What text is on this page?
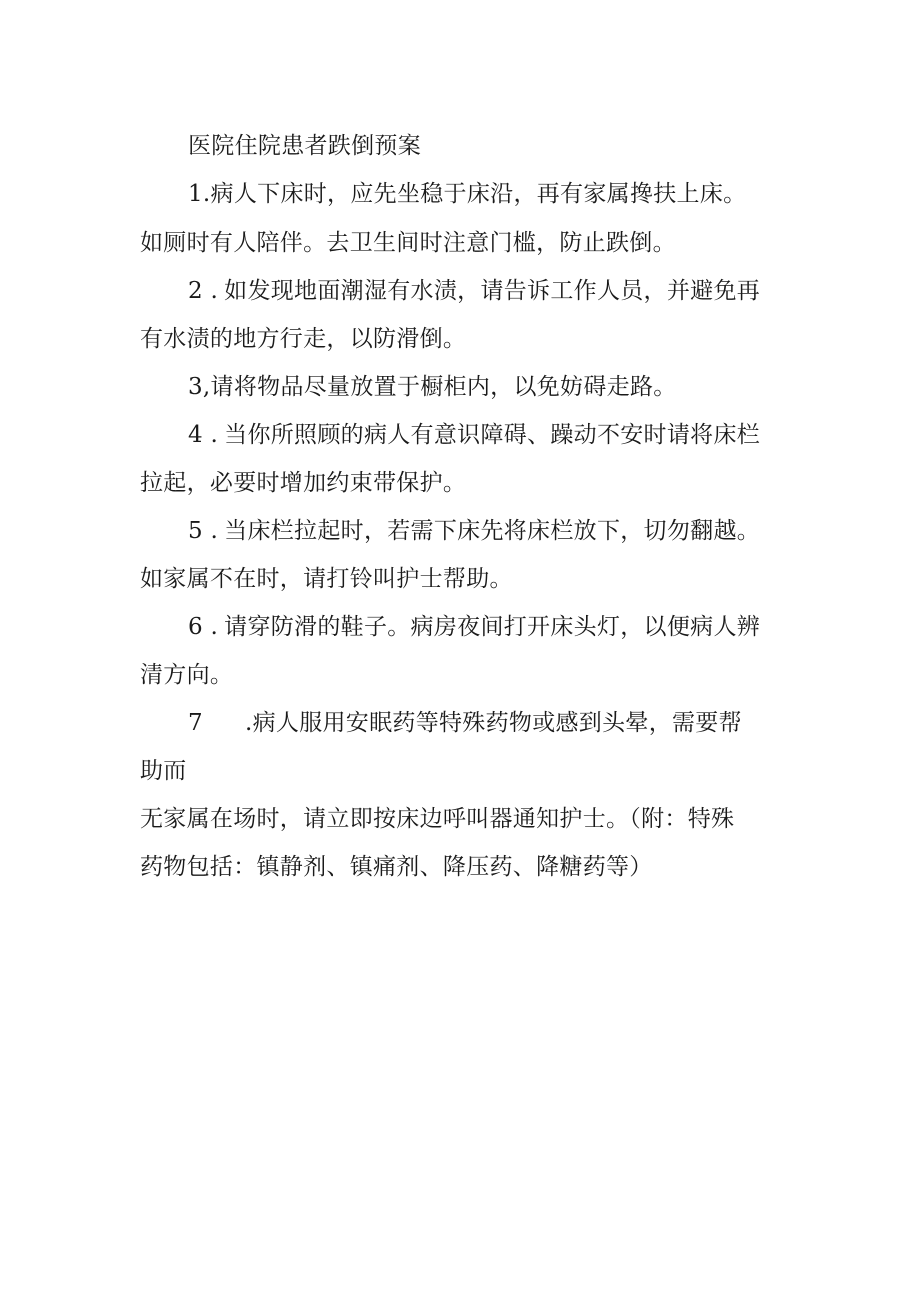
医院住院患者跌倒预案
1.病人下床时，应先坐稳于床沿，再有家属搀扶上床。
如厕时有人陪伴。去卫生间时注意门槛，防止跌倒。
2 . 如发现地面潮湿有水渍，请告诉工作人员，并避免再
有水渍的地方行走，以防滑倒。
3,请将物品尽量放置于橱柜内，以免妨碍走路。
4 . 当你所照顾的病人有意识障碍、躁动不安时请将床栏
拉起，必要时增加约束带保护。
5 . 当床栏拉起时，若需下床先将床栏放下，切勿翻越。
如家属不在时，请打铃叫护士帮助。
6 . 请穿防滑的鞋子。病房夜间打开床头灯，以便病人辨
清方向。
7 .病人服用安眠药等特殊药物或感到头晕，需要帮
助而
无家属在场时，请立即按床边呼叫器通知护士。（附：特殊
药物包括：镇静剂、镇痛剂、降压药、降糖药等）
